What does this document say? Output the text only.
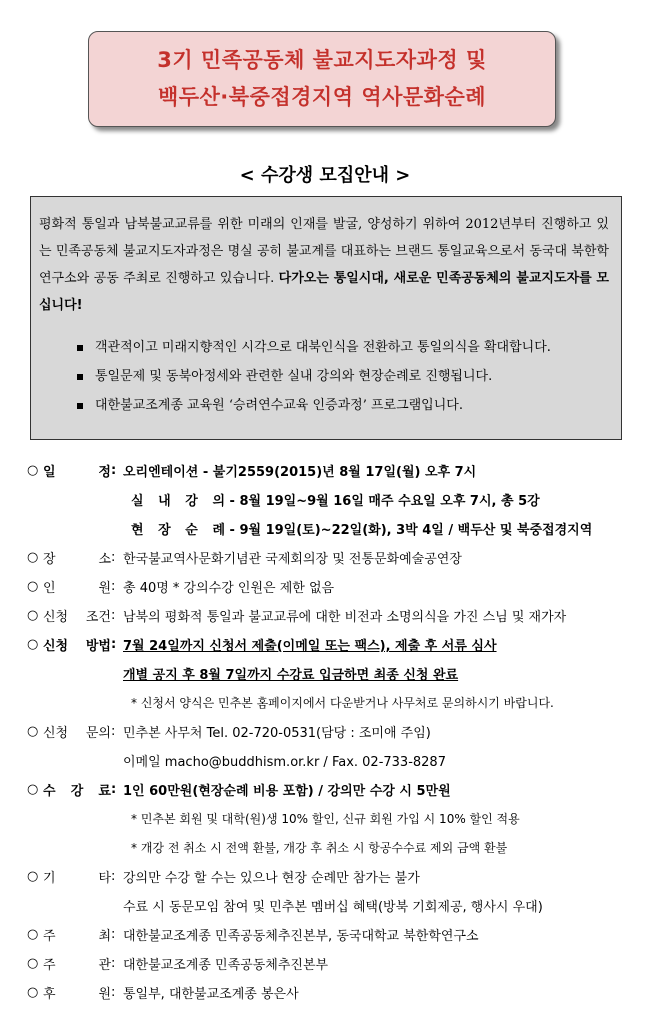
3기 민족공동체 불교지도자과정 및
백두산·북중접경지역 역사문화순례
< 수강생 모집안내 >

평화적 통일과 남북불교교류를 위한 미래의 인재를 발굴, 양성하기 위하여 2012년부터 진행하고 있는 민족공동체 불교지도자과정은 명실 공히 불교계를 대표하는 브랜드 통일교육으로서 동국대 북한학연구소와 공동 주최로 진행하고 있습니다. 다가오는 통일시대, 새로운 민족공동체의 불교지도자를 모십니다!

객관적이고 미래지향적인 시각으로 대북인식을 전환하고 통일의식을 확대합니다.
통일문제 및 동북아정세와 관련한 실내 강의와 현장순례로 진행됩니다.
대한불교조계종 교육원 ‘승려연수교육 인증과정’ 프로그램입니다.
○ 일 정 : 오리엔테이션 - 불기2559(2015)년 8월 17일(월) 오후 7시
실 내 강 의
- 8월 19일~9월 16일 매주 수요일 오후 7시, 총 5강
현 장 순 례
- 9월 19일(토)~22일(화), 3박 4일 / 백두산 및 북중접경지역
○ 장 소 : 한국불교역사문화기념관 국제회의장 및 전통문화예술공연장
○ 인 원 : 총 40명 * 강의수강 인원은 제한 없음
○ 신청 조건 : 남북의 평화적 통일과 불교교류에 대한 비전과 소명의식을 가진 스님 및 재가자
○ 신청 방법 : 7월 24일까지 신청서 제출(이메일 또는 팩스), 제출 후 서류 심사
개별 공지 후 8월 7일까지 수강료 입금하면 최종 신청 완료
* 신청서 양식은 민추본 홈페이지에서 다운받거나 사무처로 문의하시기 바랍니다.
○ 신청 문의 : 민추본 사무처 Tel. 02-720-0531(담당 : 조미애 주임)
이메일 macho@buddhism.or.kr / Fax. 02-733-8287
○ 수 강 료 : 1인 60만원(현장순례 비용 포함) / 강의만 수강 시 5만원
* 민추본 회원 및 대학(원)생 10% 할인, 신규 회원 가입 시 10% 할인 적용
* 개강 전 취소 시 전액 환불, 개강 후 취소 시 항공수수료 제외 금액 환불
○ 기 타 : 강의만 수강 할 수는 있으나 현장 순례만 참가는 불가
수료 시 동문모임 참여 및 민추본 멤버십 혜택(방북 기회제공, 행사시 우대)
○ 주 최 : 대한불교조계종 민족공동체추진본부, 동국대학교 북한학연구소
○ 주 관 : 대한불교조계종 민족공동체추진본부
○ 후 원 : 통일부, 대한불교조계종 봉은사
